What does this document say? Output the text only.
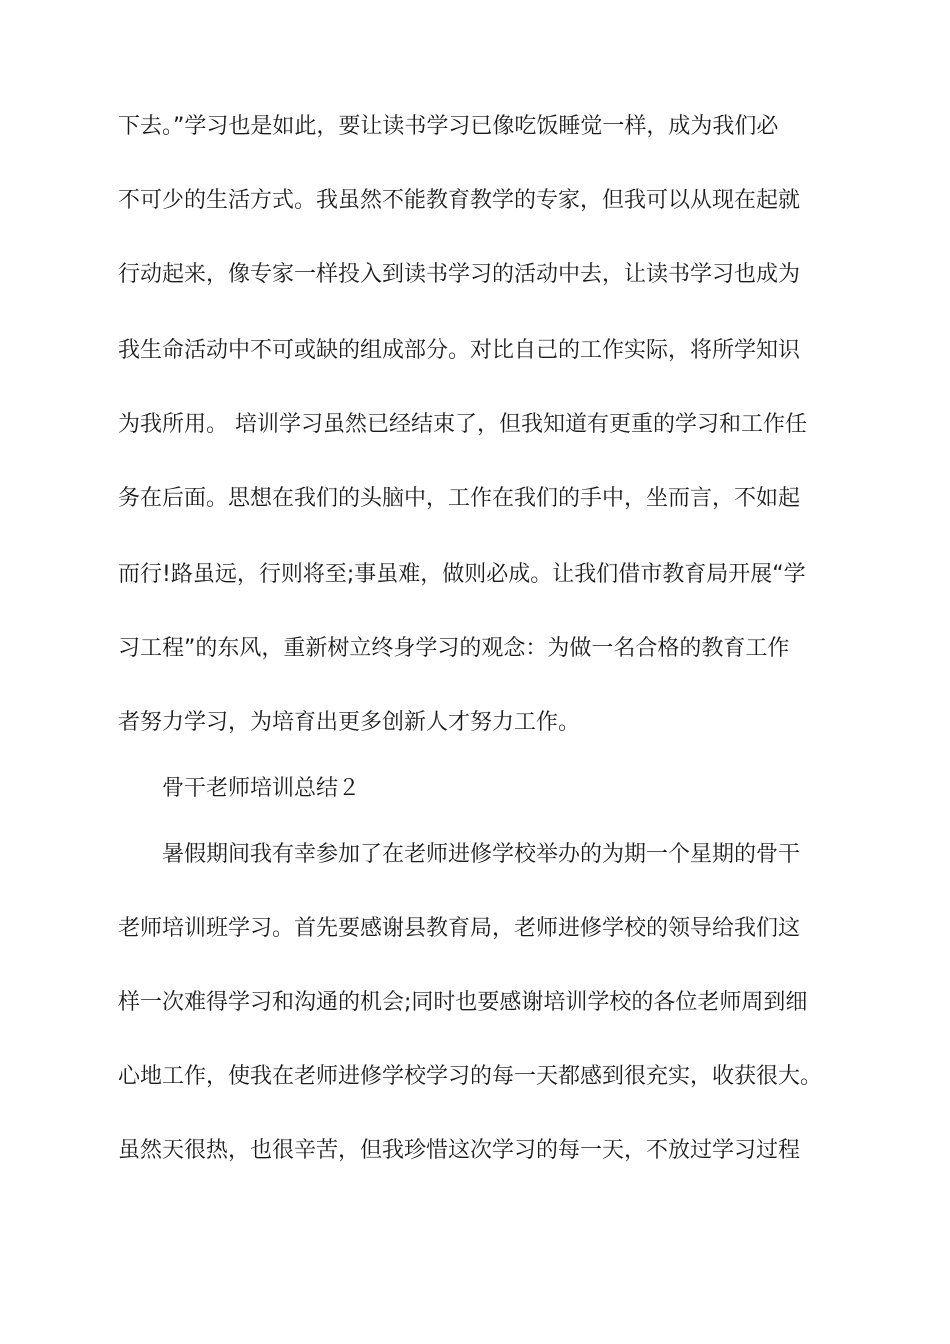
下去。”学习也是如此，要让读书学习已像吃饭睡觉一样，成为我们必
不可少的生活方式。我虽然不能教育教学的专家，但我可以从现在起就
行动起来，像专家一样投入到读书学习的活动中去，让读书学习也成为
我生命活动中不可或缺的组成部分。对比自己的工作实际，将所学知识
为我所用。 培训学习虽然已经结束了，但我知道有更重的学习和工作任
务在后面。思想在我们的头脑中，工作在我们的手中，坐而言，不如起
而行!路虽远，行则将至;事虽难，做则必成。让我们借市教育局开展“学
习工程”的东风，重新树立终身学习的观念：为做一名合格的教育工作
者努力学习，为培育出更多创新人才努力工作。
骨干老师培训总结２
暑假期间我有幸参加了在老师进修学校举办的为期一个星期的骨干
老师培训班学习。首先要感谢县教育局，老师进修学校的领导给我们这
样一次难得学习和沟通的机会;同时也要感谢培训学校的各位老师周到细
心地工作，使我在老师进修学校学习的每一天都感到很充实，收获很大。
虽然天很热，也很辛苦，但我珍惜这次学习的每一天，不放过学习过程
